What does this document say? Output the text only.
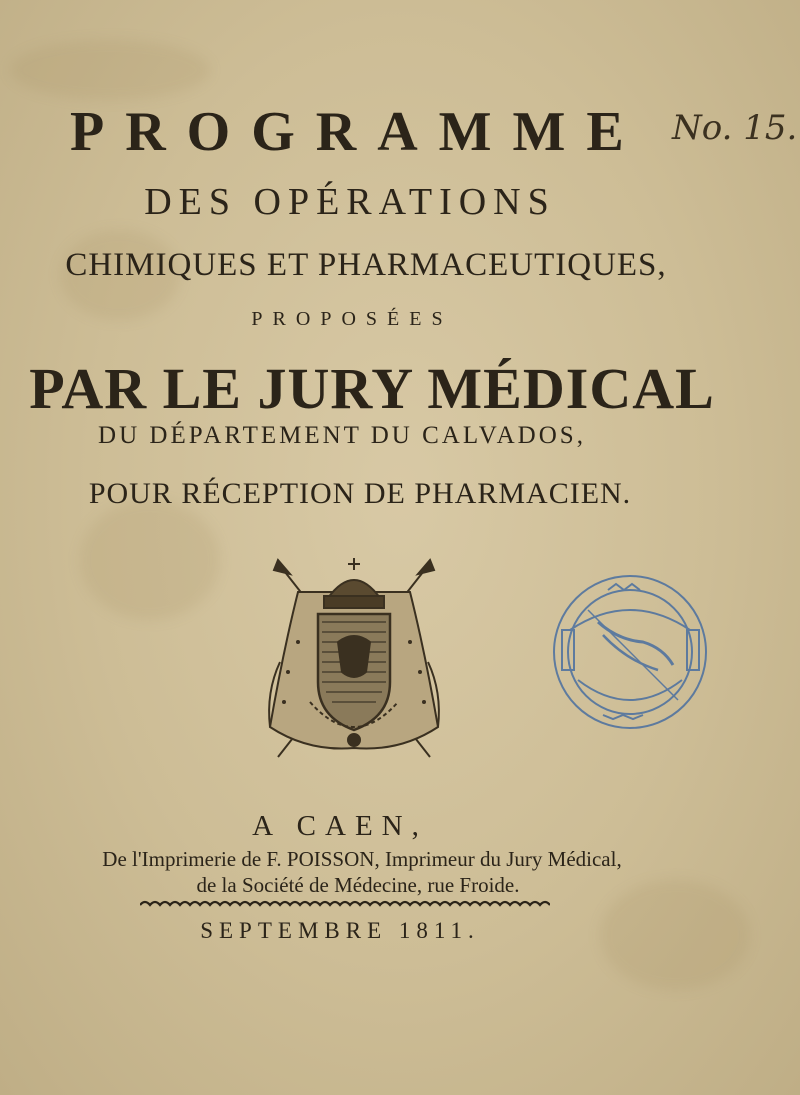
PROGRAMME No. 15.
DES OPÉRATIONS
CHIMIQUES ET PHARMACEUTIQUES,
PROPOSÉES
PAR LE JURY MÉDICAL
DU DÉPARTEMENT DU CALVADOS,
POUR RÉCEPTION DE PHARMACIEN.
A CAEN,
De l'Imprimerie de F. POISSON, Imprimeur du Jury Médical,
de la Société de Médecine, rue Froide.
SEPTEMBRE 1811.
